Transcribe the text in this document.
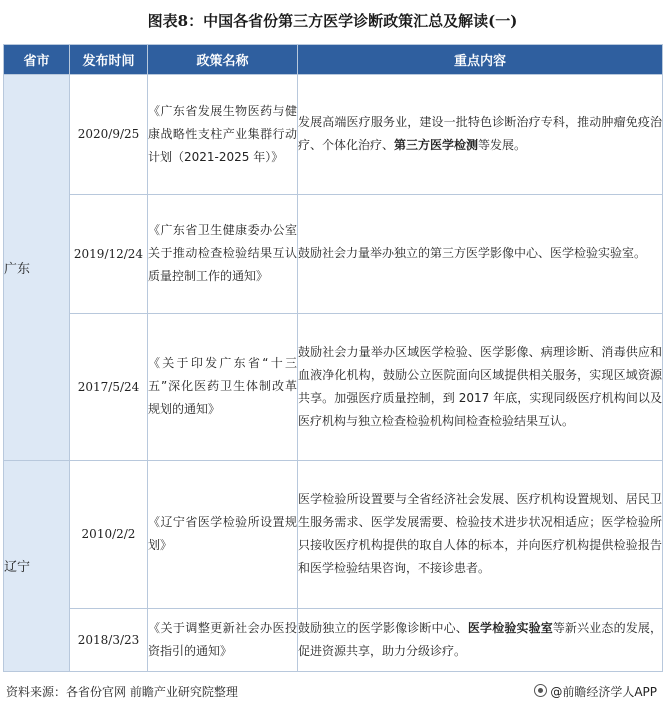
图表8：中国各省份第三方医学诊断政策汇总及解读(一)
省市	发布时间	政策名称	重点内容
广东	2020/9/25	《广东省发展生物医药与健康战略性支柱产业集群行动计划（2021-2025 年）》	发展高端医疗服务业，建设一批特色诊断治疗专科，推动肿瘤免疫治疗、个体化治疗、第三方医学检测等发展。
	2019/12/24	《广东省卫生健康委办公室关于推动检查检验结果互认质量控制工作的通知》	鼓励社会力量举办独立的第三方医学影像中心、医学检验实验室。
	2017/5/24	《关于印发广东省“十三五”深化医药卫生体制改革规划的通知》	鼓励社会力量举办区域医学检验、医学影像、病理诊断、消毒供应和血液净化机构，鼓励公立医院面向区域提供相关服务，实现区域资源共享。加强医疗质量控制，到 2017 年底，实现同级医疗机构间以及医疗机构与独立检查检验机构间检查检验结果互认。
辽宁	2010/2/2	《辽宁省医学检验所设置规划》	医学检验所设置要与全省经济社会发展、医疗机构设置规划、居民卫生服务需求、医学发展需要、检验技术进步状况相适应；医学检验所只接收医疗机构提供的取自人体的标本，并向医疗机构提供检验报告和医学检验结果咨询，不接诊患者。
	2018/3/23	《关于调整更新社会办医投资指引的通知》	鼓励独立的医学影像诊断中心、医学检验实验室等新兴业态的发展，促进资源共享，助力分级诊疗。
资料来源：各省份官网 前瞻产业研究院整理	@前瞻经济学人APP
